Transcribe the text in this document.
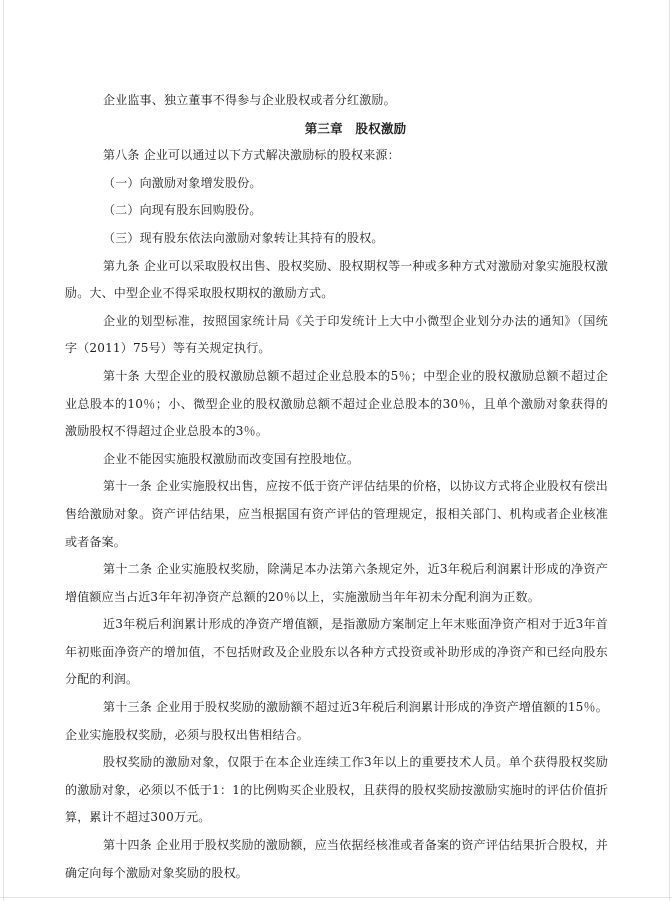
企业监事、独立董事不得参与企业股权或者分红激励。

第三章　股权激励

第八条 企业可以通过以下方式解决激励标的股权来源：

（一）向激励对象增发股份。

（二）向现有股东回购股份。

（三）现有股东依法向激励对象转让其持有的股权。

第九条 企业可以采取股权出售、股权奖励、股权期权等一种或多种方式对激励对象实施股权激励。大、中型企业不得采取股权期权的激励方式。

企业的划型标准，按照国家统计局《关于印发统计上大中小微型企业划分办法的通知》（国统字（2011）75号）等有关规定执行。

第十条 大型企业的股权激励总额不超过企业总股本的5％；中型企业的股权激励总额不超过企业总股本的10％；小、微型企业的股权激励总额不超过企业总股本的30％，且单个激励对象获得的激励股权不得超过企业总股本的3％。

企业不能因实施股权激励而改变国有控股地位。

第十一条 企业实施股权出售，应按不低于资产评估结果的价格，以协议方式将企业股权有偿出售给激励对象。资产评估结果，应当根据国有资产评估的管理规定，报相关部门、机构或者企业核准或者备案。

第十二条 企业实施股权奖励，除满足本办法第六条规定外，近3年税后利润累计形成的净资产增值额应当占近3年年初净资产总额的20％以上，实施激励当年年初未分配利润为正数。

近3年税后利润累计形成的净资产增值额，是指激励方案制定上年末账面净资产相对于近3年首年初账面净资产的增加值，不包括财政及企业股东以各种方式投资或补助形成的净资产和已经向股东分配的利润。

第十三条 企业用于股权奖励的激励额不超过近3年税后利润累计形成的净资产增值额的15％。企业实施股权奖励，必须与股权出售相结合。

股权奖励的激励对象，仅限于在本企业连续工作3年以上的重要技术人员。单个获得股权奖励的激励对象，必须以不低于1：1的比例购买企业股权，且获得的股权奖励按激励实施时的评估价值折算，累计不超过300万元。

第十四条 企业用于股权奖励的激励额，应当依据经核准或者备案的资产评估结果折合股权，并确定向每个激励对象奖励的股权。
